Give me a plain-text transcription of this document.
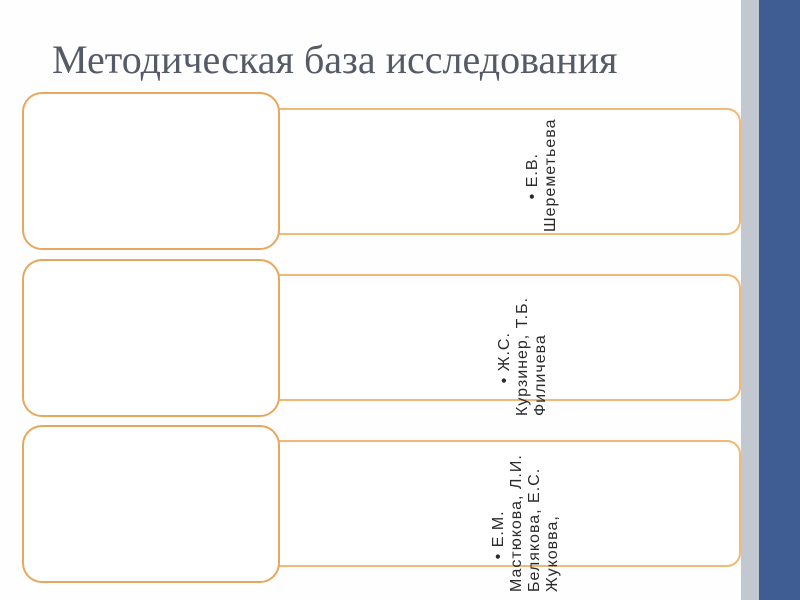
Методическая база исследования

• Е.В. Шереметьева

• Ж.С. Курзинер, Т.Б. Филичева

• Е.М. Мастюкова, Л.И. Белякова, Е.С. Жуковва,
